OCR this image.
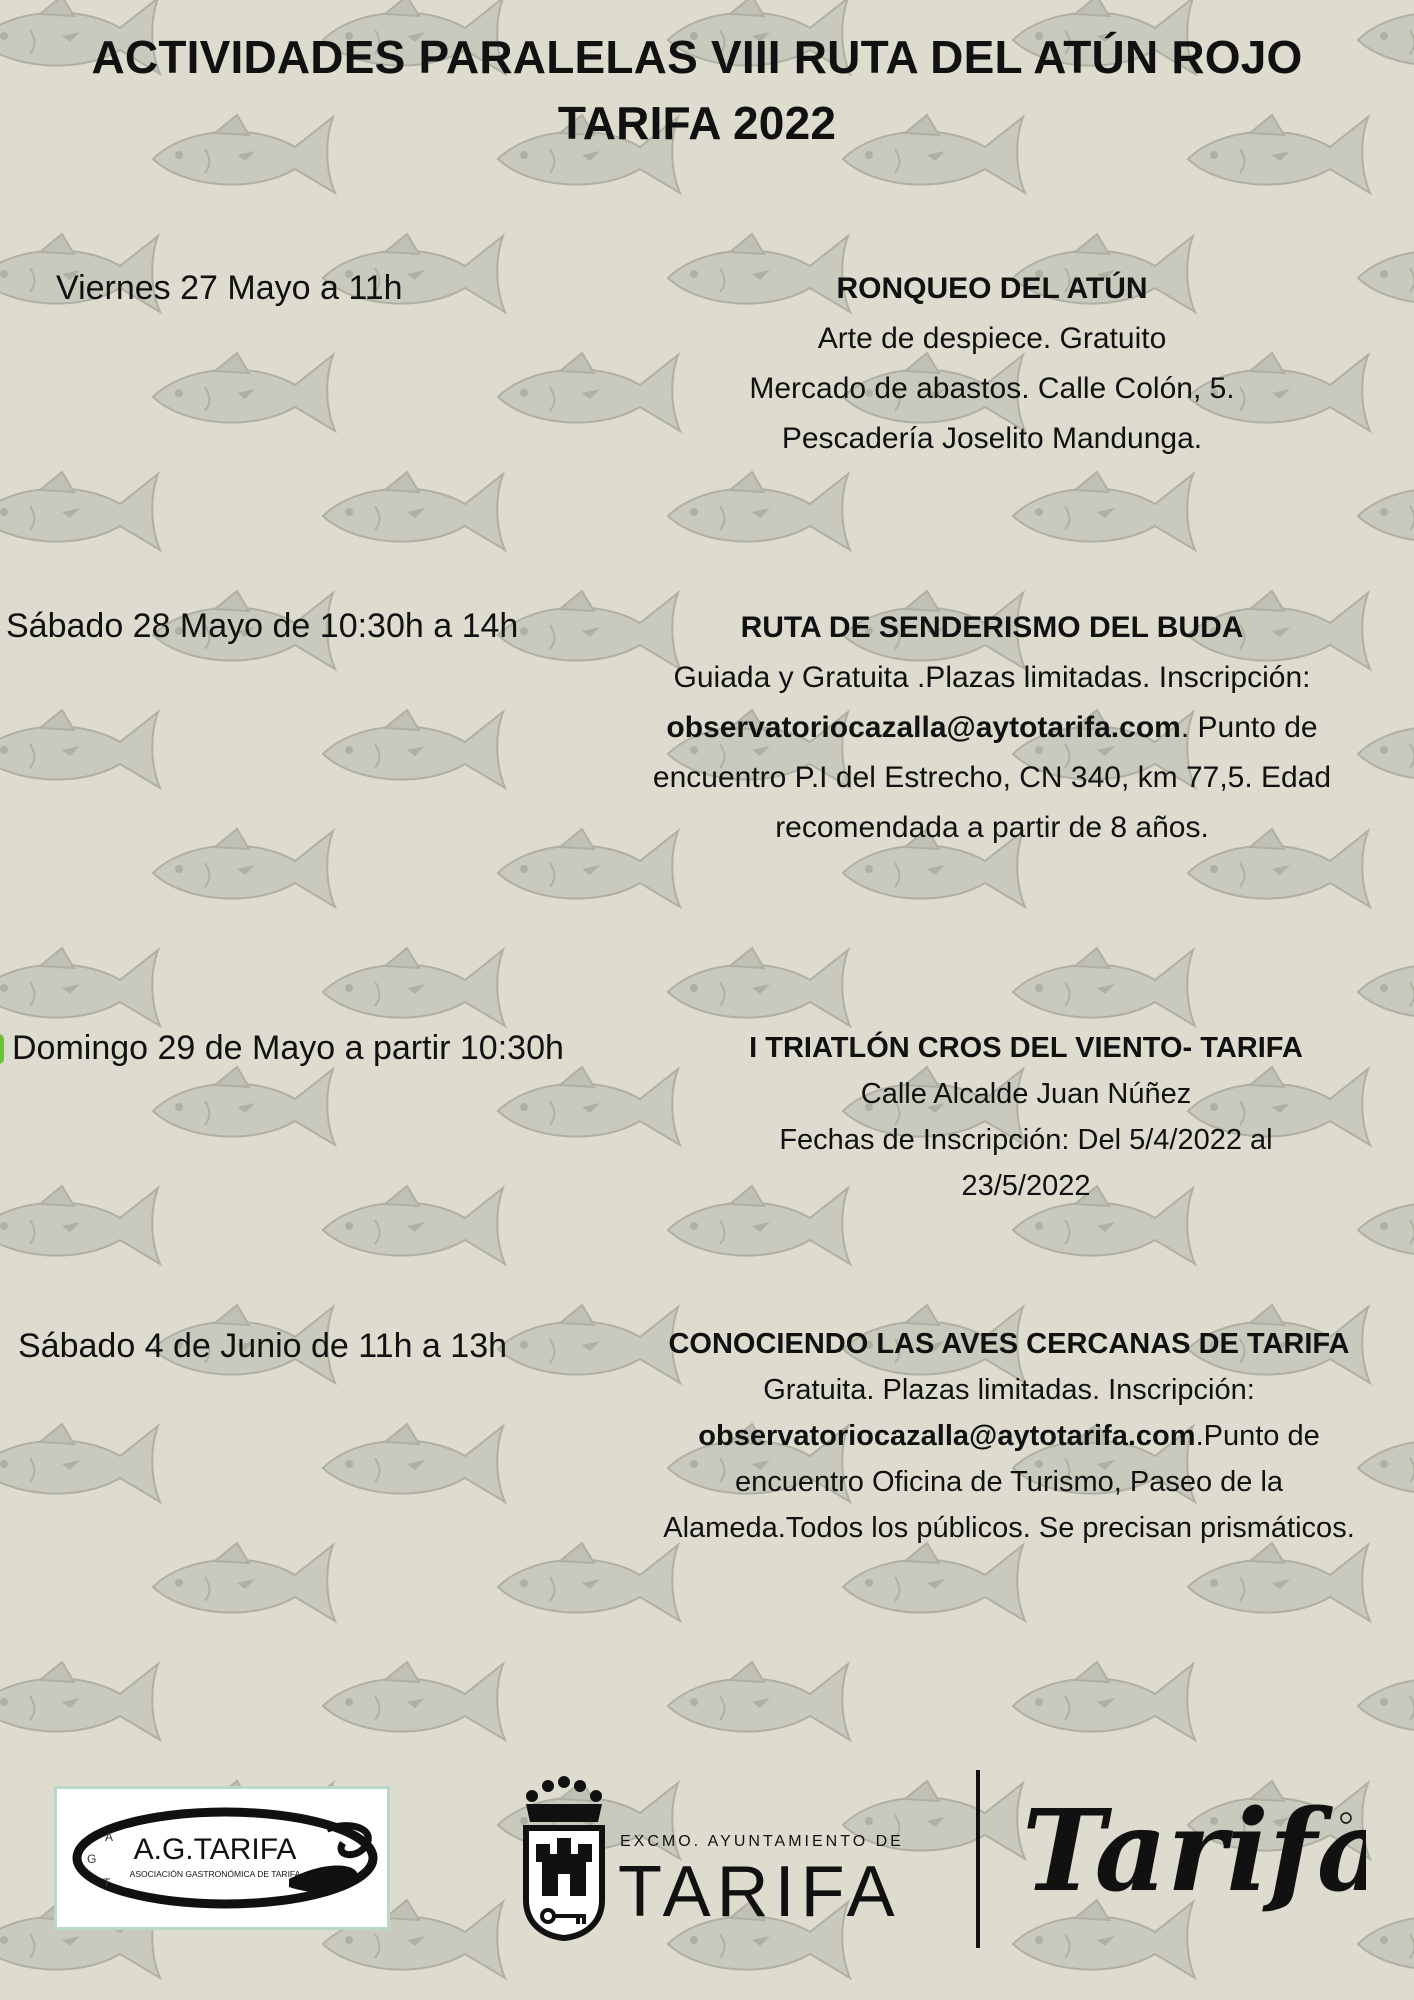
ACTIVIDADES PARALELAS VIII RUTA DEL ATÚN ROJO
TARIFA 2022
Viernes 27 Mayo a 11h	RONQUEO DEL ATÚN
Arte de despiece. Gratuito
Mercado de abastos. Calle Colón, 5.
Pescadería Joselito Mandunga.
Sábado 28 Mayo de 10:30h a 14h	RUTA DE SENDERISMO DEL BUDA
Guiada y Gratuita .Plazas limitadas. Inscripción:
observatoriocazalla@aytotarifa.com. Punto de
encuentro P.I del Estrecho, CN 340, km 77,5. Edad
recomendada a partir de 8 años.
Domingo 29 de Mayo a partir 10:30h	I TRIATLÓN CROS DEL VIENTO- TARIFA
Calle Alcalde Juan Núñez
Fechas de Inscripción: Del 5/4/2022 al
23/5/2022
Sábado 4 de Junio de 11h a 13h	CONOCIENDO LAS AVES CERCANAS DE TARIFA
Gratuita. Plazas limitadas. Inscripción:
observatoriocazalla@aytotarifa.com.Punto de
encuentro Oficina de Turismo, Paseo de la
Alameda.Todos los públicos. Se precisan prismáticos.
A
G
T
A.G.TARIFA
ASOCIACIÓN GASTRONÓMICA DE TARIFA
EXCMO. AYUNTAMIENTO DE
TARIFA Tarifa
